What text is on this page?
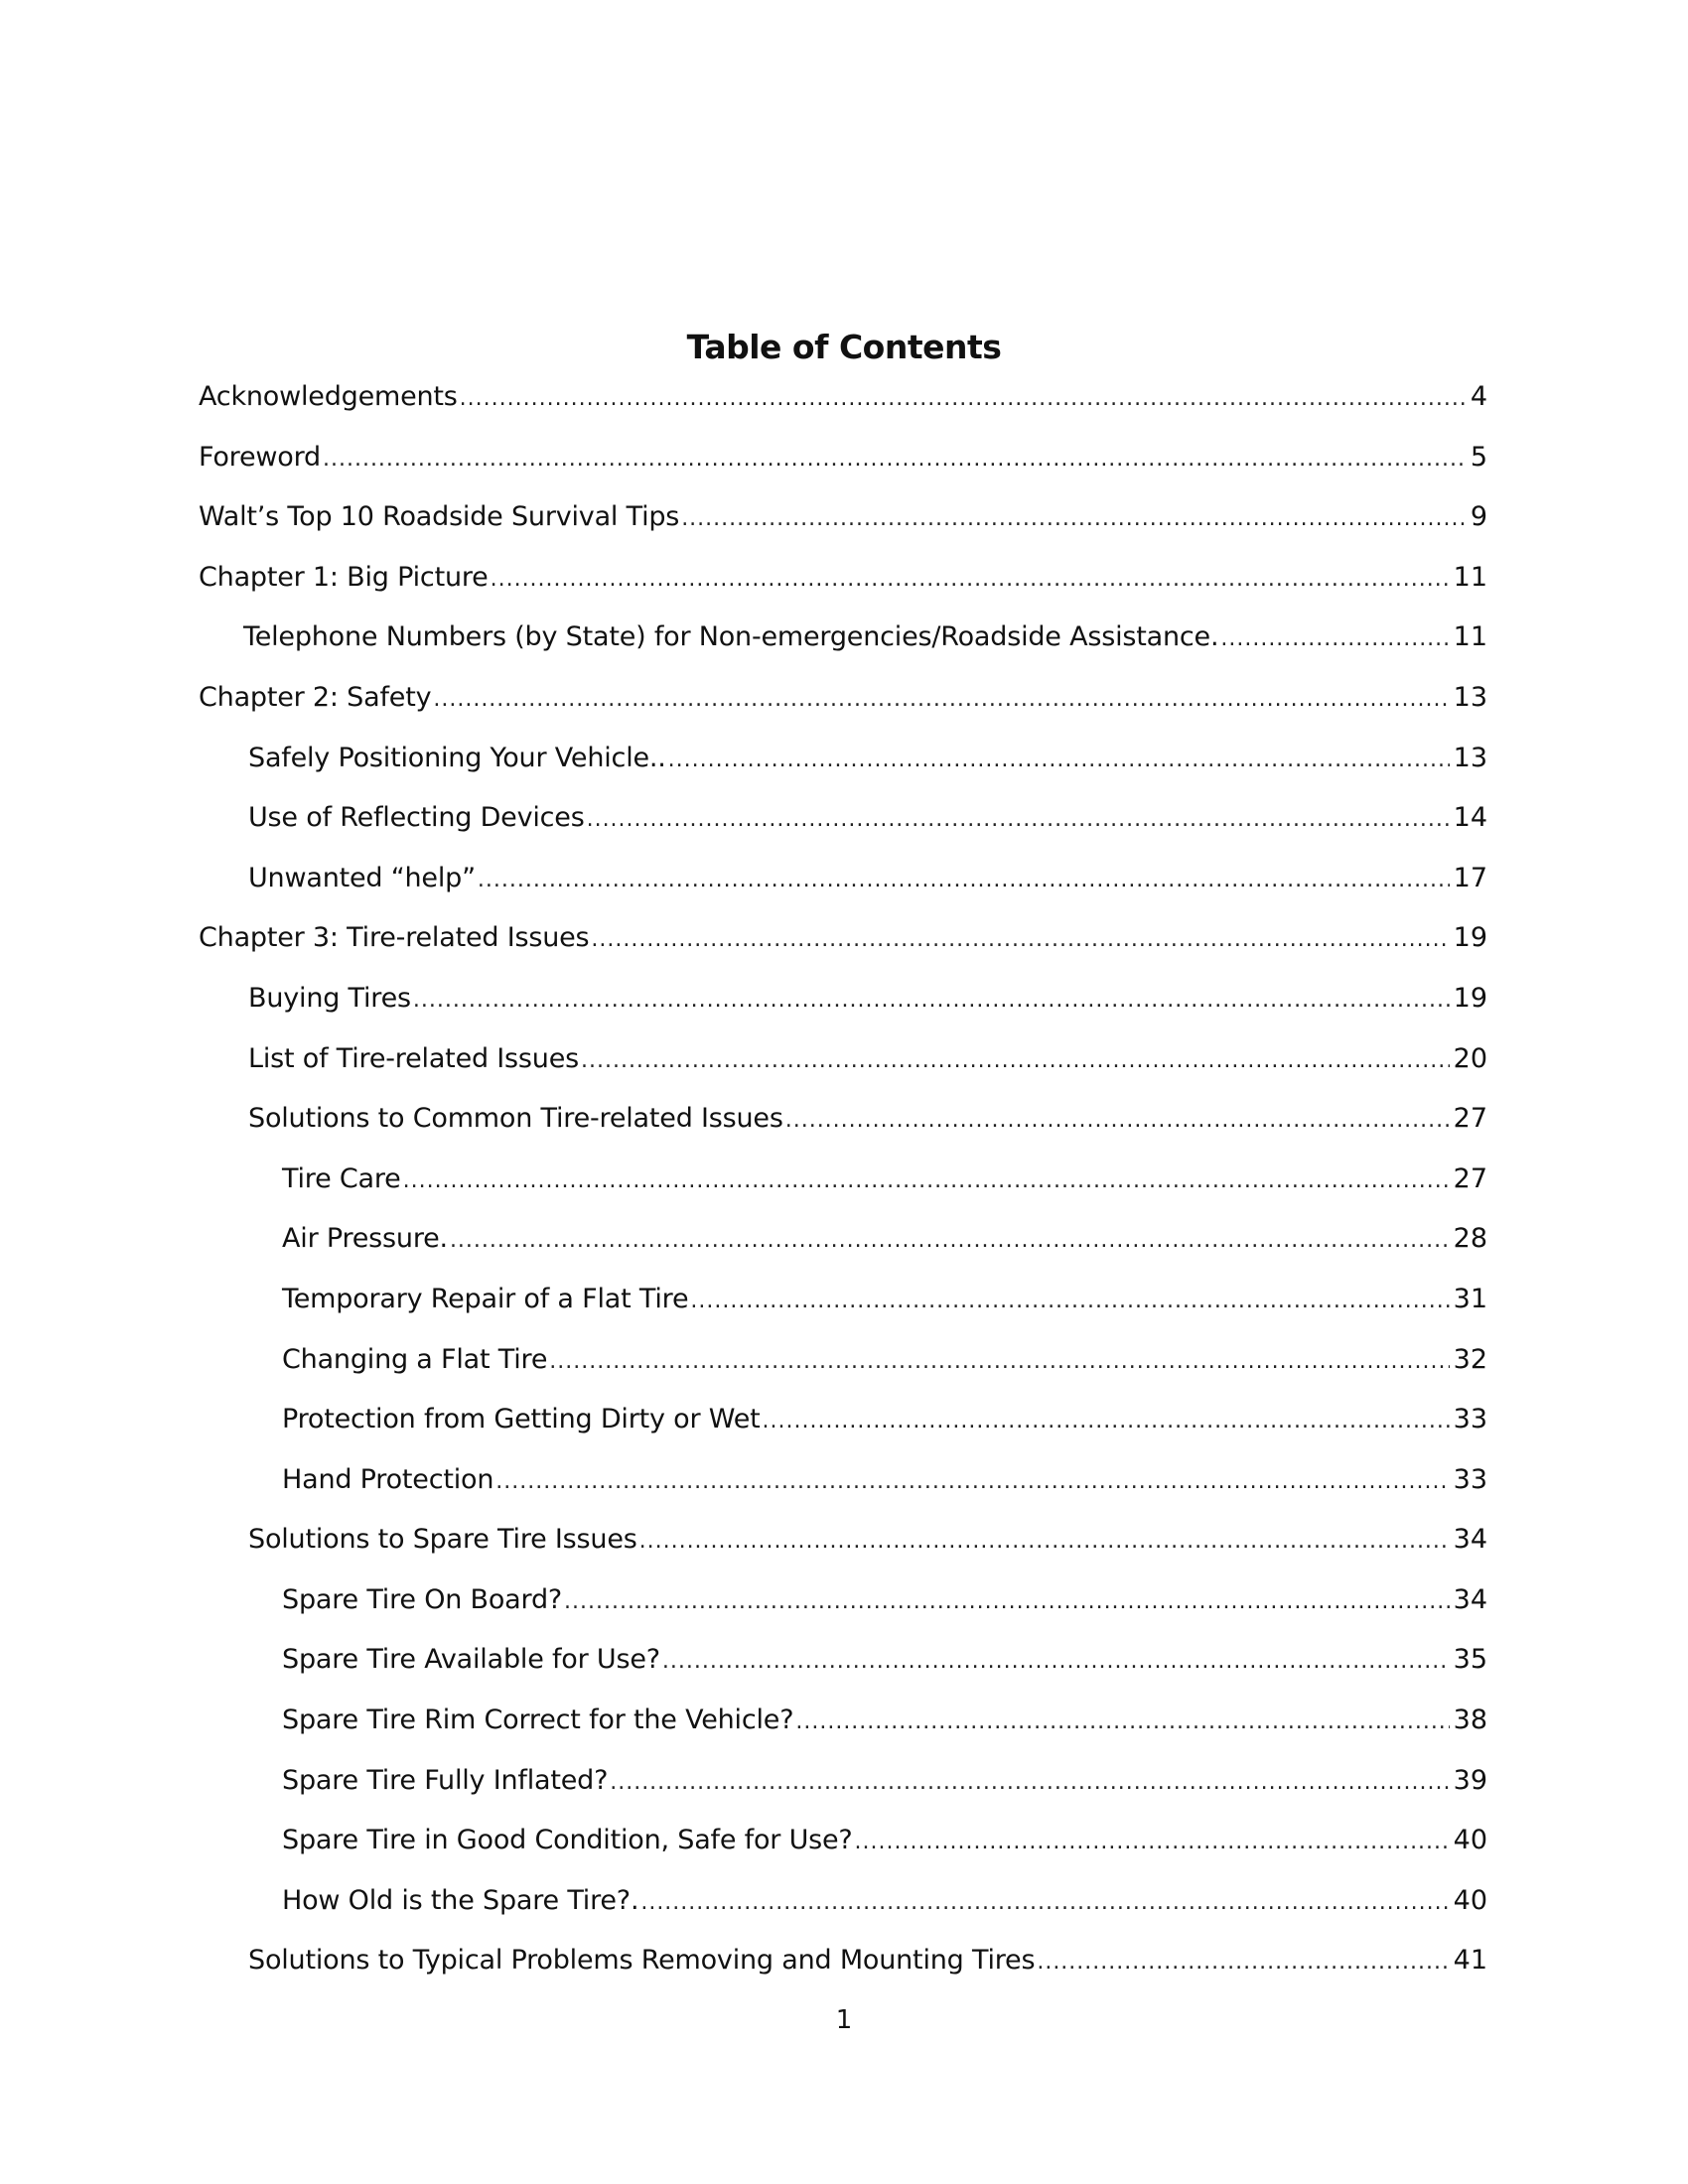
Table of Contents
Acknowledgements .....	4
Foreword .....	5
Walt’s Top 10 Roadside Survival Tips .....	9
Chapter 1: Big Picture .....	11
Telephone Numbers (by State) for Non-emergencies/Roadside Assistance. .....	11
Chapter 2: Safety .....	13
Safely Positioning Your Vehicle.. .....	13
Use of Reflecting Devices .....	14
Unwanted “help” .....	17
Chapter 3: Tire-related Issues .....	19
Buying Tires .....	19
List of Tire-related Issues .....	20
Solutions to Common Tire-related Issues .....	27
Tire Care .....	27
Air Pressure. .....	28
Temporary Repair of a Flat Tire .....	31
Changing a Flat Tire .....	32
Protection from Getting Dirty or Wet .....	33
Hand Protection .....	33
Solutions to Spare Tire Issues .....	34
Spare Tire On Board? .....	34
Spare Tire Available for Use? .....	35
Spare Tire Rim Correct for the Vehicle? .....	38
Spare Tire Fully Inflated? .....	39
Spare Tire in Good Condition, Safe for Use? .....	40
How Old is the Spare Tire?. .....	40
Solutions to Typical Problems Removing and Mounting Tires .....	41
1
